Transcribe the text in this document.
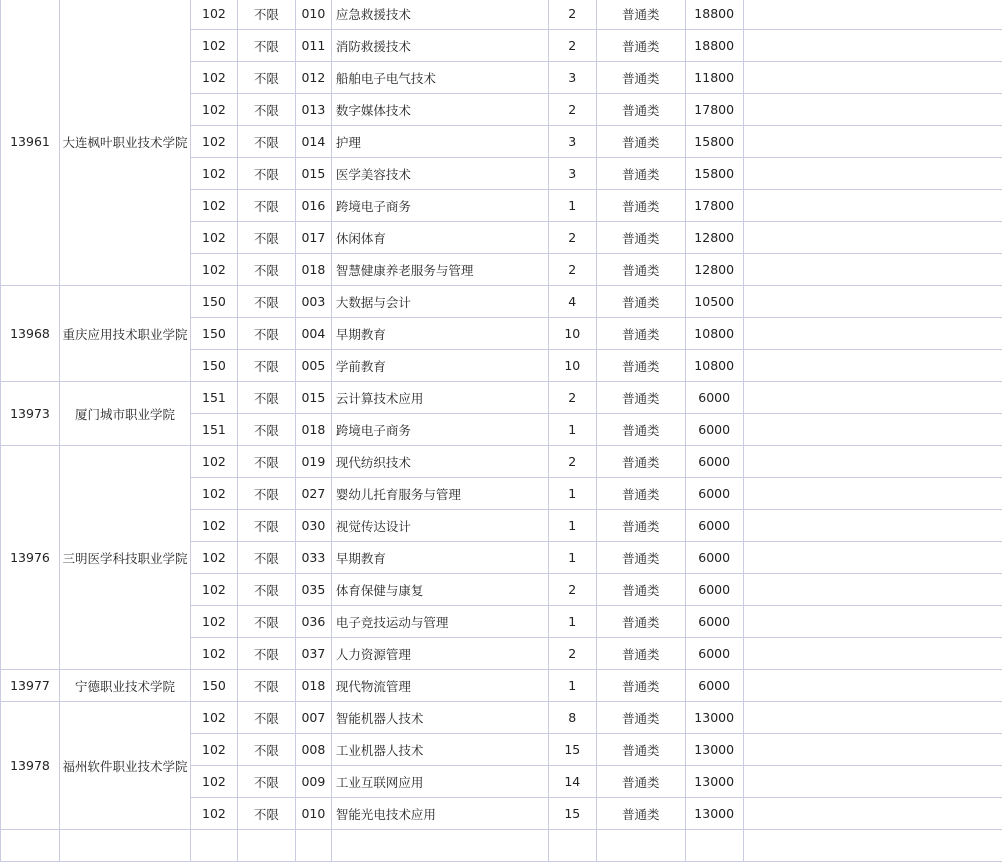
13961	大连枫叶职业技术学院	102	不限	010	应急救援技术	2	普通类	18800	
		102	不限	011	消防救援技术	2	普通类	18800	
		102	不限	012	船舶电子电气技术	3	普通类	11800	
		102	不限	013	数字媒体技术	2	普通类	17800	
		102	不限	014	护理	3	普通类	15800	
		102	不限	015	医学美容技术	3	普通类	15800	
		102	不限	016	跨境电子商务	1	普通类	17800	
		102	不限	017	休闲体育	2	普通类	12800	
		102	不限	018	智慧健康养老服务与管理	2	普通类	12800	
13968	重庆应用技术职业学院	150	不限	003	大数据与会计	4	普通类	10500	
		150	不限	004	早期教育	10	普通类	10800	
		150	不限	005	学前教育	10	普通类	10800	
13973	厦门城市职业学院	151	不限	015	云计算技术应用	2	普通类	6000	
		151	不限	018	跨境电子商务	1	普通类	6000	
13976	三明医学科技职业学院	102	不限	019	现代纺织技术	2	普通类	6000	
		102	不限	027	婴幼儿托育服务与管理	1	普通类	6000	
		102	不限	030	视觉传达设计	1	普通类	6000	
		102	不限	033	早期教育	1	普通类	6000	
		102	不限	035	体育保健与康复	2	普通类	6000	
		102	不限	036	电子竞技运动与管理	1	普通类	6000	
		102	不限	037	人力资源管理	2	普通类	6000	
13977	宁德职业技术学院	150	不限	018	现代物流管理	1	普通类	6000	
13978	福州软件职业技术学院	102	不限	007	智能机器人技术	8	普通类	13000	
		102	不限	008	工业机器人技术	15	普通类	13000	
		102	不限	009	工业互联网应用	14	普通类	13000	
		102	不限	010	智能光电技术应用	15	普通类	13000	
